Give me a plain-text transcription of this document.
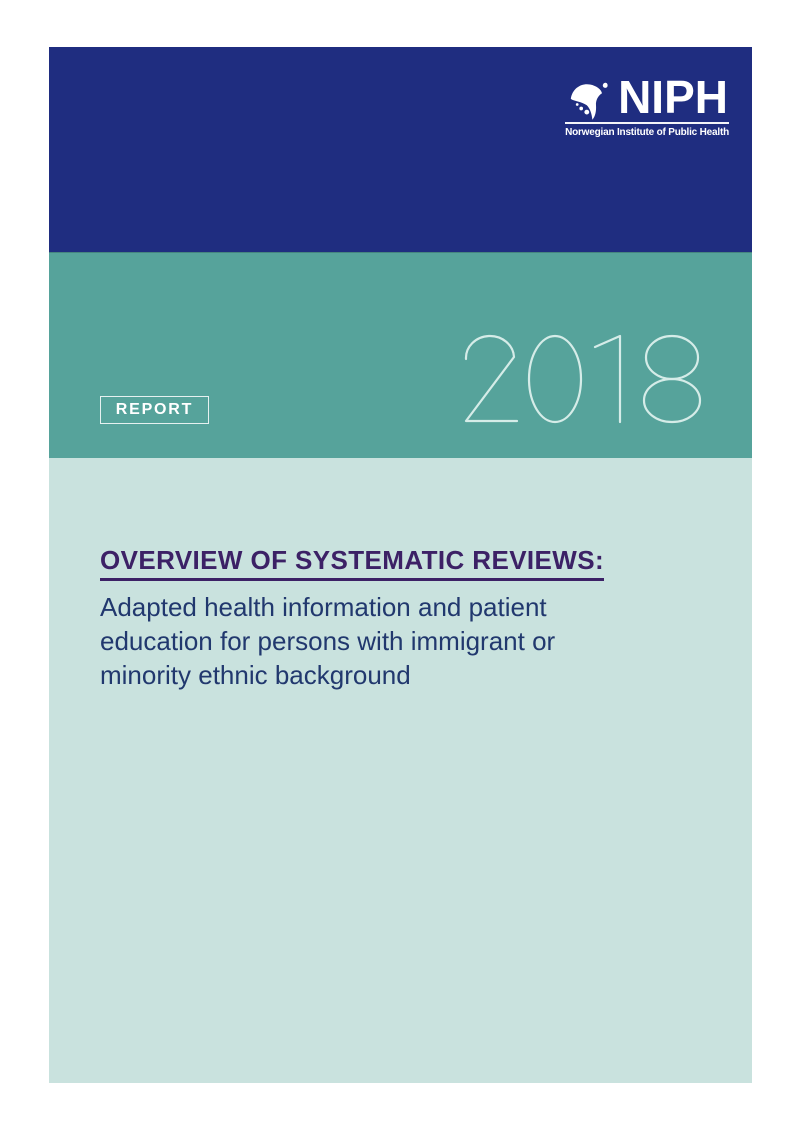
NIPH
Norwegian Institute of Public Health
REPORT
OVERVIEW OF SYSTEMATIC REVIEWS:
Adapted health information and patient
education for persons with immigrant or
minority ethnic background
